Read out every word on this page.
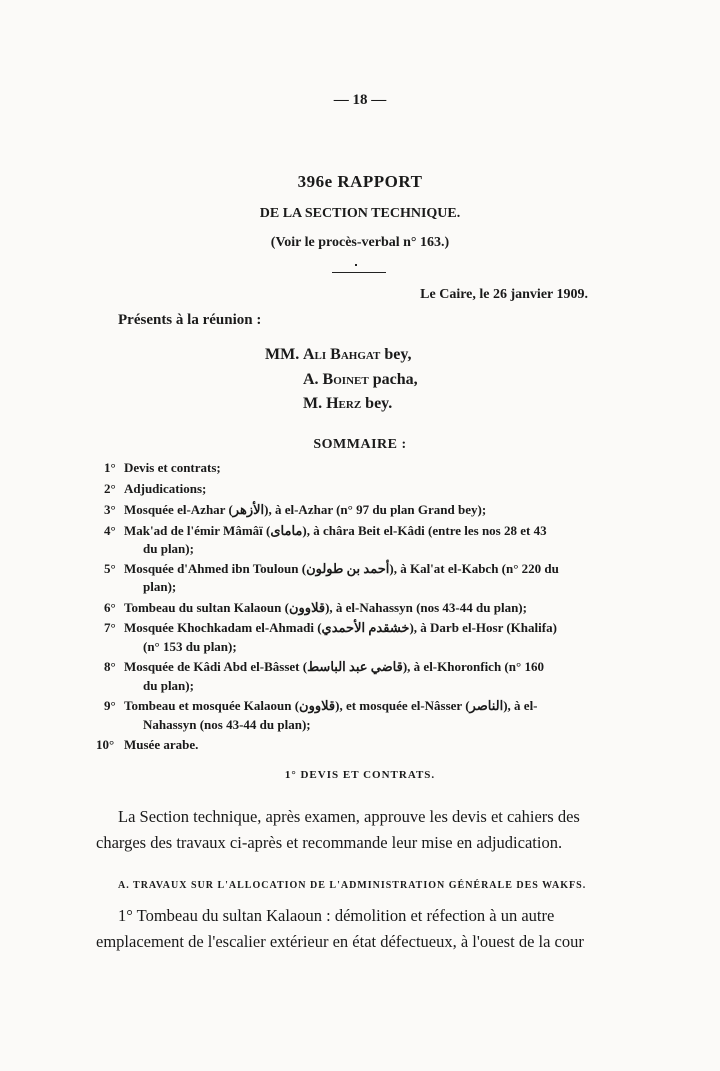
— 18 —
396e RAPPORT
DE LA SECTION TECHNIQUE.
(Voir le procès-verbal n° 163.)
Le Caire, le 26 janvier 1909.
Présents à la réunion :
MM. Ali Bahgat bey,
A. Boinet pacha,
M. Herz bey.
SOMMAIRE :
1° Devis et contrats;
2° Adjudications;
3° Mosquée el-Azhar (الأزهر), à el-Azhar (n° 97 du plan Grand bey);
4° Mak'ad de l'émir Mâmâï (ماماى), à châra Beit el-Kâdi (entre les nos 28 et 43
du plan);
5° Mosquée d'Ahmed ibn Touloun (أحمد بن طولون), à Kal'at el-Kabch (n° 220 du
plan);
6° Tombeau du sultan Kalaoun (قلاوون), à el-Nahassyn (nos 43-44 du plan);
7° Mosquée Khochkadam el-Ahmadi (خشقدم الأحمدي), à Darb el-Hosr (Khalifa)
(n° 153 du plan);
8° Mosquée de Kâdi Abd el-Bâsset (قاضي عبد الباسط), à el-Khoronfich (n° 160
du plan);
9° Tombeau et mosquée Kalaoun (قلاوون), et mosquée el-Nâsser (الناصر), à el-
Nahassyn (nos 43-44 du plan);
10° Musée arabe.
1° DEVIS ET CONTRATS.
La Section technique, après examen, approuve les devis et cahiers des
charges des travaux ci-après et recommande leur mise en adjudication.
A. TRAVAUX SUR L'ALLOCATION DE L'ADMINISTRATION GÉNÉRALE DES WAKFS.
1° Tombeau du sultan Kalaoun : démolition et réfection à un autre
emplacement de l'escalier extérieur en état défectueux, à l'ouest de la cour
